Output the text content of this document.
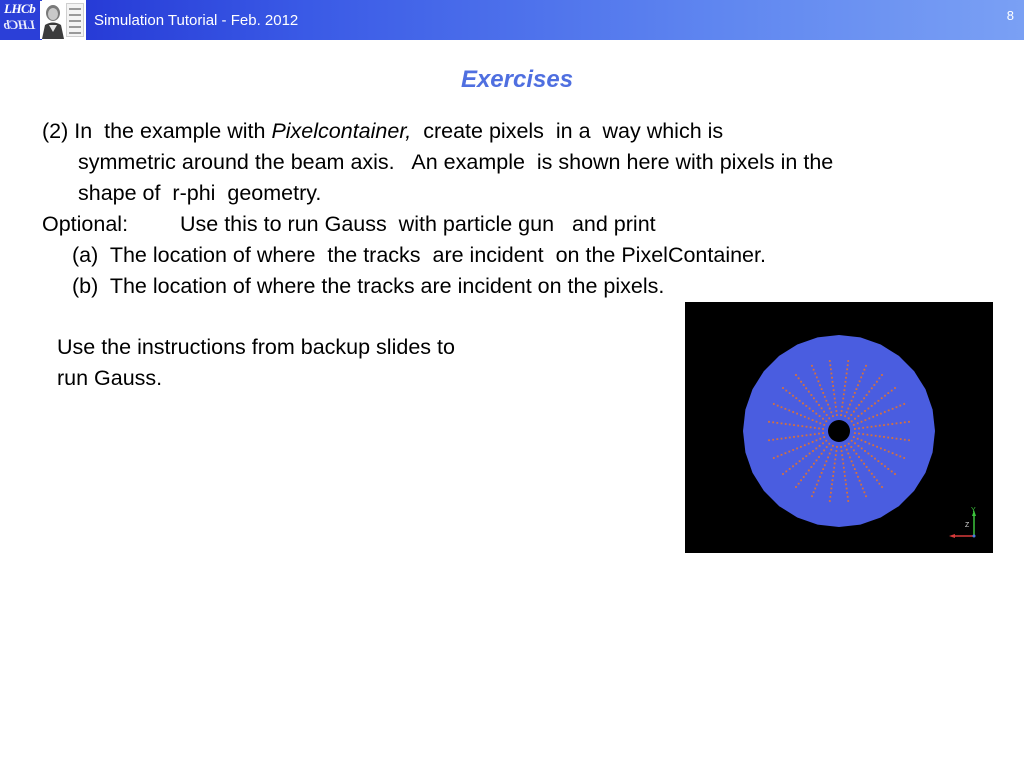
LHCb
LHCb	Simulation Tutorial - Feb. 2012	8
Exercises
(2) In  the example with Pixelcontainer,  create pixels  in a  way which is
symmetric around the beam axis.   An example  is shown here with pixels in the
shape of  r-phi  geometry.
Optional: Use this to run Gauss  with particle gun   and print
(a)  The location of where  the tracks  are incident  on the PixelContainer.
(b)  The location of where the tracks are incident on the pixels.
Use the instructions from backup slides to
run Gauss.
Y
Z
